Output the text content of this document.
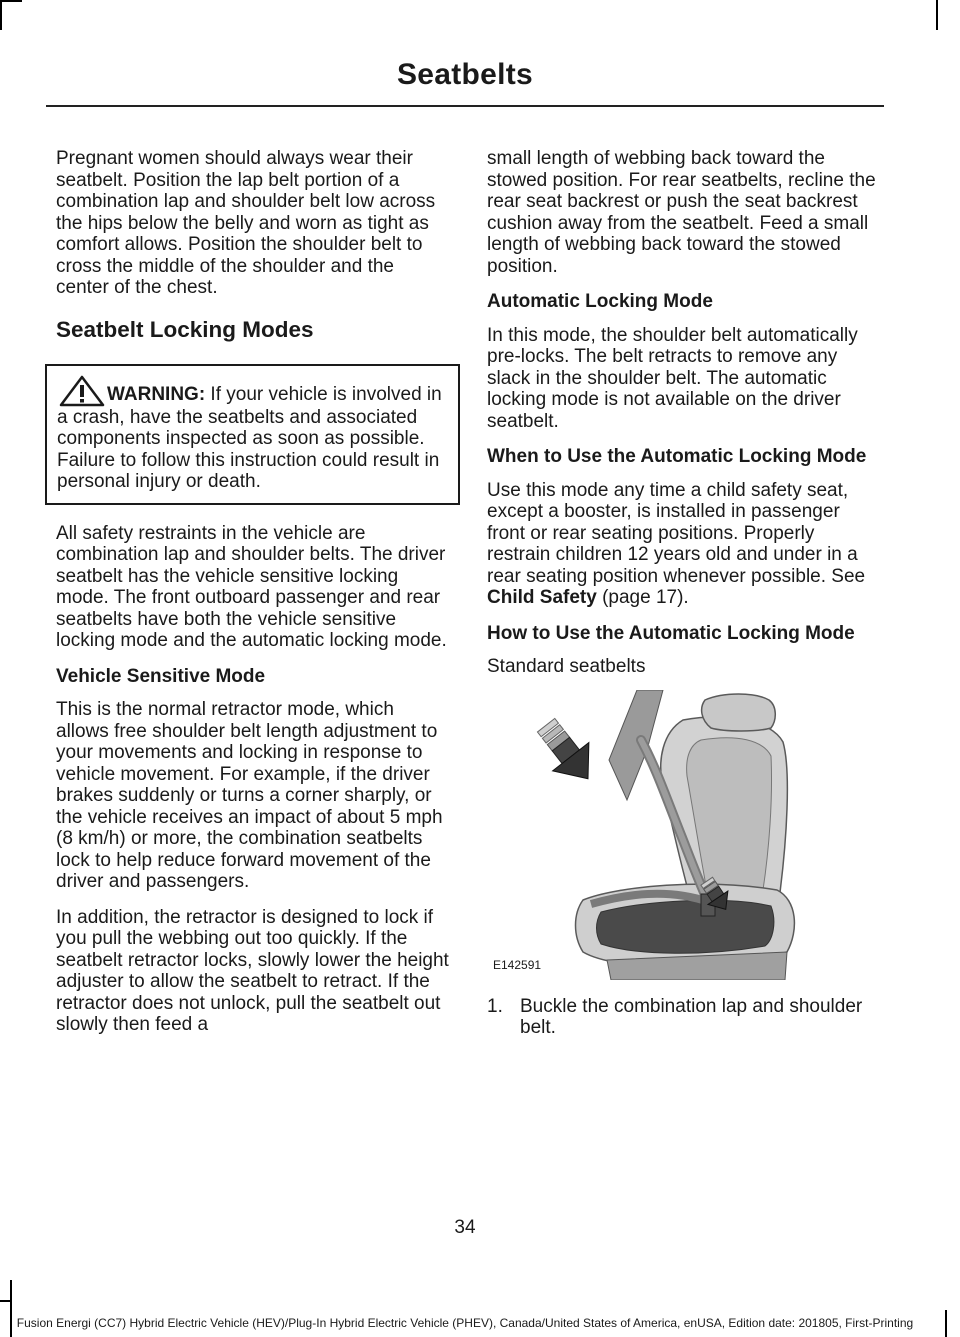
Seatbelts

Pregnant women should always wear their seatbelt. Position the lap belt portion of a combination lap and shoulder belt low across the hips below the belly and worn as tight as comfort allows. Position the shoulder belt to cross the middle of the shoulder and the center of the chest.

Seatbelt Locking Modes
WARNING: If your vehicle is involved in a crash, have the seatbelts and associated components inspected as soon as possible. Failure to follow this instruction could result in personal injury or death.

All safety restraints in the vehicle are combination lap and shoulder belts. The driver seatbelt has the vehicle sensitive locking mode. The front outboard passenger and rear seatbelts have both the vehicle sensitive locking mode and the automatic locking mode.

Vehicle Sensitive Mode

This is the normal retractor mode, which allows free shoulder belt length adjustment to your movements and locking in response to vehicle movement. For example, if the driver brakes suddenly or turns a corner sharply, or the vehicle receives an impact of about 5 mph (8 km/h) or more, the combination seatbelts lock to help reduce forward movement of the driver and passengers.

In addition, the retractor is designed to lock if you pull the webbing out too quickly. If the seatbelt retractor locks, slowly lower the height adjuster to allow the seatbelt to retract. If the retractor does not unlock, pull the seatbelt out slowly then feed a

small length of webbing back toward the stowed position. For rear seatbelts, recline the rear seat backrest or push the seat backrest cushion away from the seatbelt. Feed a small length of webbing back toward the stowed position.

Automatic Locking Mode

In this mode, the shoulder belt automatically pre-locks. The belt retracts to remove any slack in the shoulder belt. The automatic locking mode is not available on the driver seatbelt.

When to Use the Automatic Locking Mode

Use this mode any time a child safety seat, except a booster, is installed in passenger front or rear seating positions. Properly restrain children 12 years old and under in a rear seating position whenever possible. See Child Safety (page 17).

How to Use the Automatic Locking Mode

Standard seatbelts

E142591
1. Buckle the combination lap and shoulder belt.
34
Fusion Energi (CC7) Hybrid Electric Vehicle (HEV)/Plug-In Hybrid Electric Vehicle (PHEV), Canada/United States of America, enUSA, Edition date: 201805, First-Printing
